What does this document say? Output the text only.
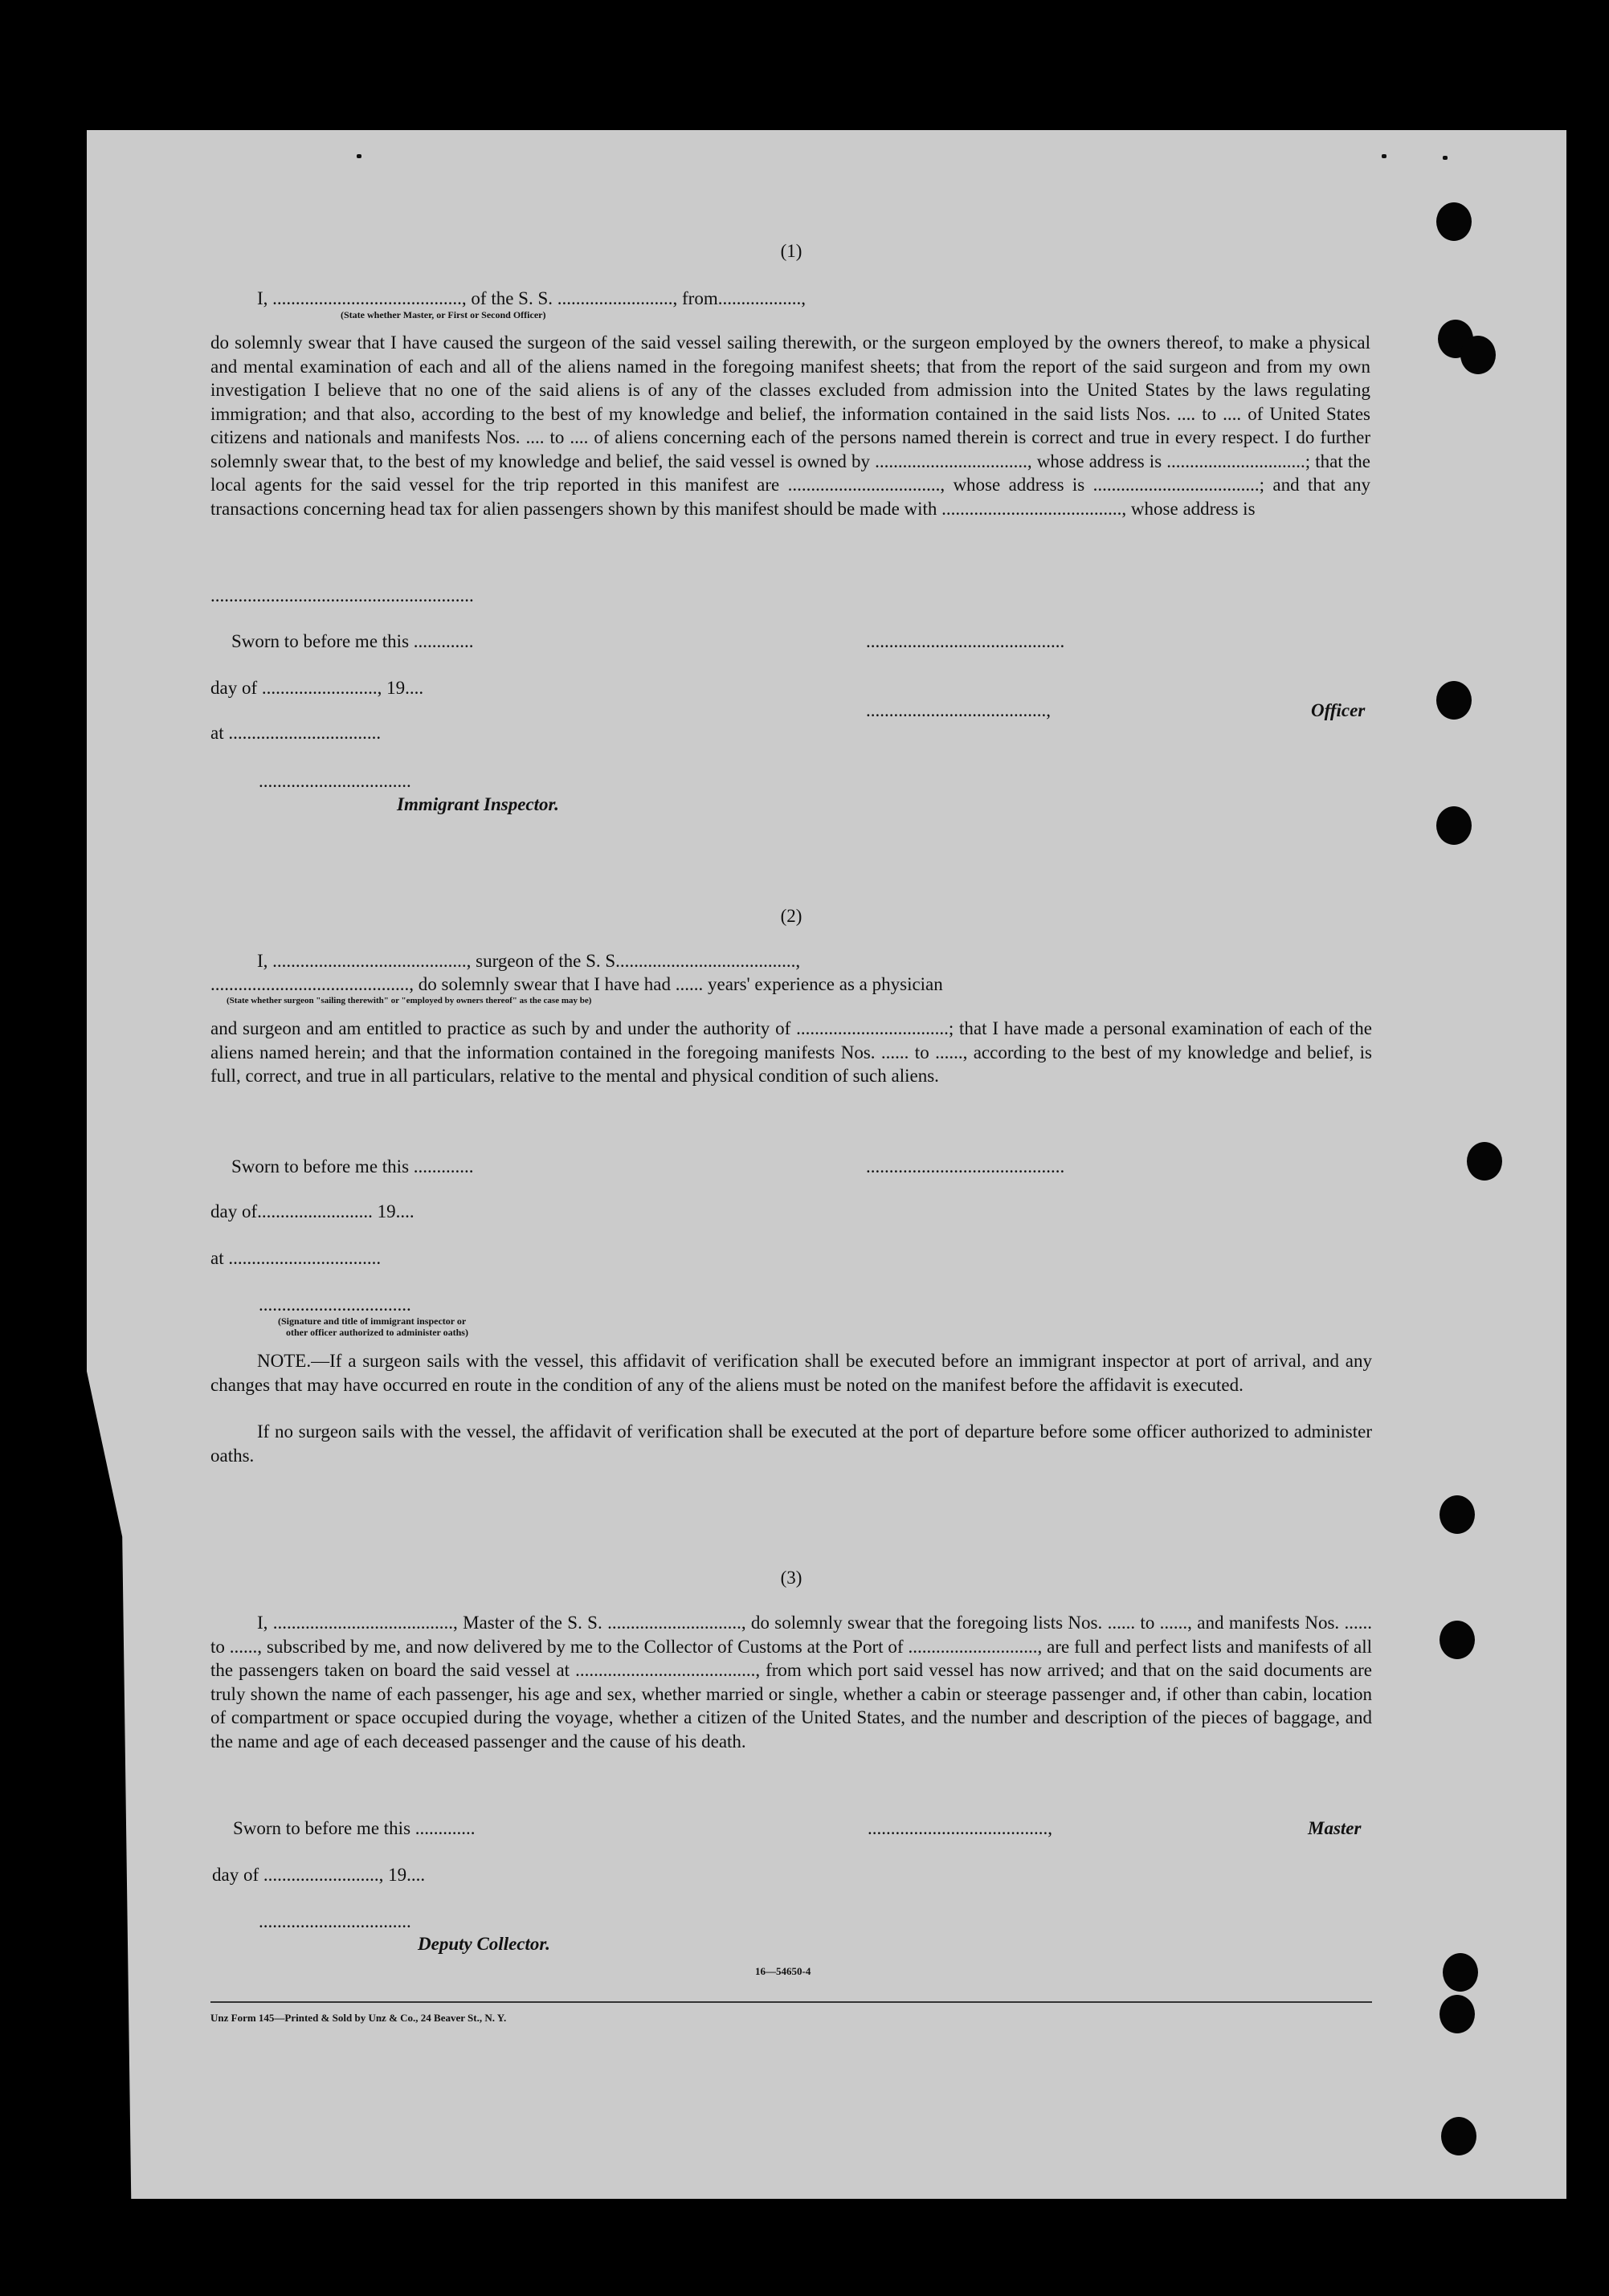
(1)
I, ........................................., of the S. S. ........................., from..................,
(State whether Master, or First or Second Officer)
do solemnly swear that I have caused the surgeon of the said vessel sailing therewith, or the surgeon employed by the owners thereof, to make a physical and mental examination of each and all of the aliens named in the foregoing manifest sheets; that from the report of the said surgeon and from my own investigation I believe that no one of the said aliens is of any of the classes excluded from admission into the United States by the laws regulating immigration; and that also, according to the best of my knowledge and belief, the information contained in the said lists Nos. .... to .... of United States citizens and nationals and manifests Nos. .... to .... of aliens concerning each of the persons named therein is correct and true in every respect. I do further solemnly swear that, to the best of my knowledge and belief, the said vessel is owned by ................................., whose address is ..............................; that the local agents for the said vessel for the trip reported in this manifest are ................................., whose address is ....................................; and that any transactions concerning head tax for alien passengers shown by this manifest should be made with ......................................., whose address is
.........................................................
Sworn to before me this .............
day of ........................., 19....
at .................................
.................................
Immigrant Inspector.
...........................................
.......................................,	Officer
(2)
I, .........................................., surgeon of the S. S.......................................,
..........................................., do solemnly swear that I have had ...... years' experience as a physician
(State whether surgeon "sailing therewith" or "employed by owners thereof" as the case may be)
and surgeon and am entitled to practice as such by and under the authority of .................................; that I have made a personal examination of each of the aliens named herein; and that the information contained in the foregoing manifests Nos. ...... to ......, according to the best of my knowledge and belief, is full, correct, and true in all particulars, relative to the mental and physical condition of such aliens.
Sworn to before me this .............
day of......................... 19....
at .................................
.................................
(Signature and title of immigrant inspector or
other officer authorized to administer oaths)
...........................................
NOTE.—If a surgeon sails with the vessel, this affidavit of verification shall be executed before an immigrant inspector at port of arrival, and any changes that may have occurred en route in the condition of any of the aliens must be noted on the manifest before the affidavit is executed.
If no surgeon sails with the vessel, the affidavit of verification shall be executed at the port of departure before some officer authorized to administer oaths.
(3)
I, ......................................., Master of the S. S. ............................., do solemnly swear that the foregoing lists Nos. ...... to ......, and manifests Nos. ...... to ......, subscribed by me, and now delivered by me to the Collector of Customs at the Port of ............................, are full and perfect lists and manifests of all the passengers taken on board the said vessel at ......................................., from which port said vessel has now arrived; and that on the said documents are truly shown the name of each passenger, his age and sex, whether married or single, whether a cabin or steerage passenger and, if other than cabin, location of compartment or space occupied during the voyage, whether a citizen of the United States, and the number and description of the pieces of baggage, and the name and age of each deceased passenger and the cause of his death.
Sworn to before me this .............
day of ........................., 19....
.................................
Deputy Collector.
.......................................,	Master
16—54650-4
Unz Form 145—Printed & Sold by Unz & Co., 24 Beaver St., N. Y.
